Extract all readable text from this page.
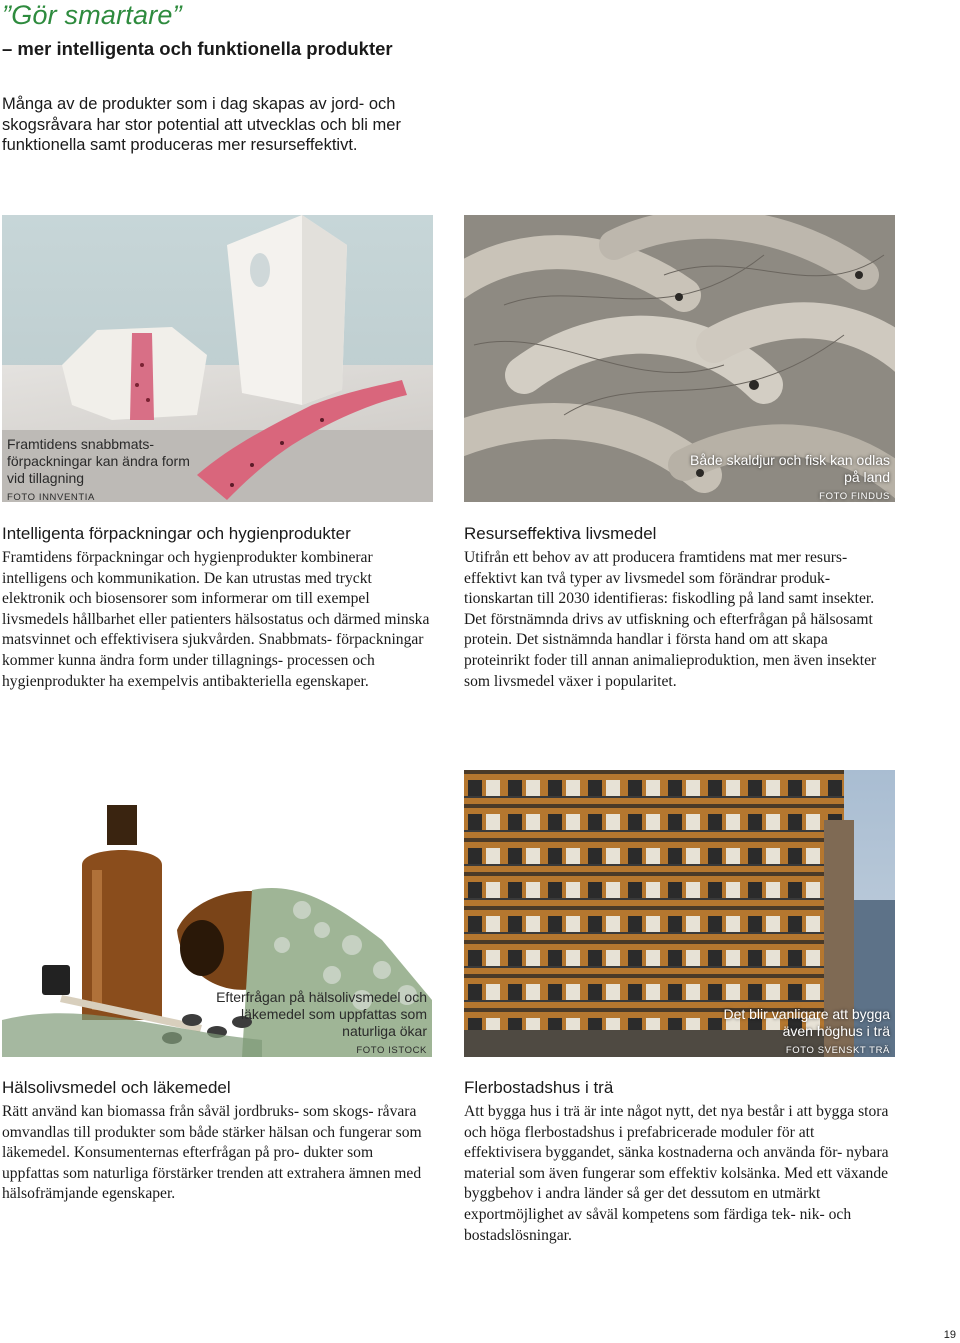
”Gör smartare”
– mer intelligenta och funktionella produkter
Många av de produkter som i dag skapas av jord- och skogsråvara har stor potential att utvecklas och bli mer funktionella samt produceras mer resurseffektivt.
Framtidens snabbmats- förpackningar kan ändra form vid tillagning
FOTO INNVENTIA
Både skaldjur och fisk kan odlas på land
FOTO FINDUS
Intelligenta förpackningar och hygienprodukter
Framtidens förpackningar och hygienprodukter kombinerar intelligens och kommunikation. De kan utrustas med tryckt elektronik och biosensorer som informerar om till exempel livsmedels hållbarhet eller patienters hälsostatus och därmed minska matsvinnet och effektivisera sjukvården. Snabbmats- förpackningar kommer kunna ändra form under tillagnings- processen och hygienprodukter ha exempelvis antibakteriella egenskaper.
Resurseffektiva livsmedel
Utifrån ett behov av att producera framtidens mat mer resurs- effektivt kan två typer av livsmedel som förändrar produk- tionskartan till 2030 identifieras: fiskodling på land samt insekter. Det förstnämnda drivs av utfiskning och efterfrågan på hälsosamt protein. Det sistnämnda handlar i första hand om att skapa proteinrikt foder till annan animalieproduktion, men även insekter som livsmedel växer i popularitet.
Efterfrågan på hälsolivsmedel och läkemedel som uppfattas som naturliga ökar
FOTO ISTOCK
Det blir vanligare att bygga även höghus i trä
FOTO SVENSKT TRÄ
Hälsolivsmedel och läkemedel
Rätt använd kan biomassa från såväl jordbruks- som skogs- råvara omvandlas till produkter som både stärker hälsan och fungerar som läkemedel. Konsumenternas efterfrågan på pro- dukter som uppfattas som naturliga förstärker trenden att extrahera ämnen med hälsofrämjande egenskaper.
Flerbostadshus i trä
Att bygga hus i trä är inte något nytt, det nya består i att bygga stora och höga flerbostadshus i prefabricerade moduler för att effektivisera byggandet, sänka kostnaderna och använda för- nybara material som även fungerar som effektiv kolsänka. Med ett växande byggbehov i andra länder så ger det dessutom en utmärkt exportmöjlighet av såväl kompetens som färdiga tek- nik- och bostadslösningar.
19
